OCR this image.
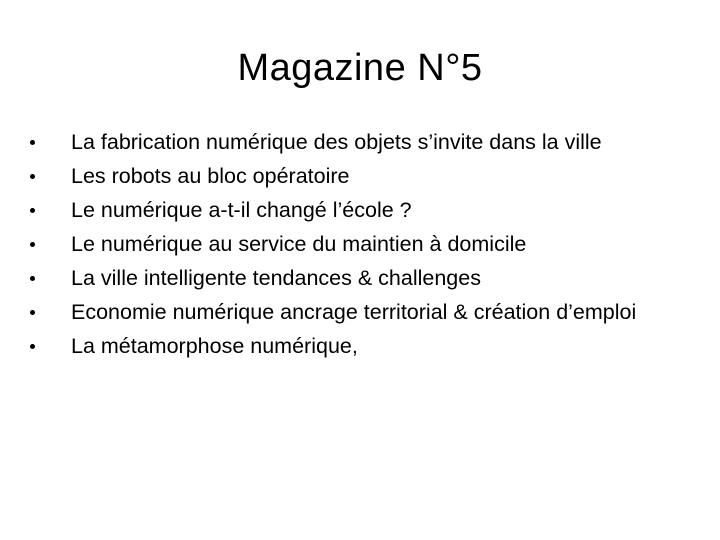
Magazine N°5
La fabrication numérique des objets s’invite dans la ville
Les robots au bloc opératoire
Le numérique a-t-il changé l’école ?
Le numérique au service du maintien à domicile
La ville intelligente tendances & challenges
Economie numérique ancrage territorial & création d’emploi
La métamorphose numérique,
